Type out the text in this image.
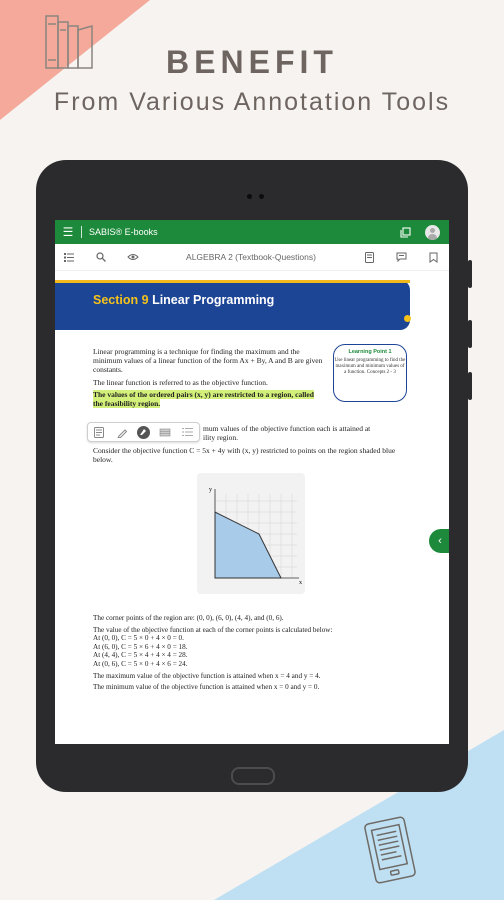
BENEFIT
From Various Annotation Tools
☰	SABIS® E-books
ALGEBRA 2 (Textbook-Questions)
Section 9 Linear Programming
Linear programming is a technique for finding the maximum and the minimum values of a linear function of the form Ax + By, A and B are given constants.
The linear function is referred to as the objective function.
The values of the ordered pairs (x, y) are restricted to a region, called the feasibility region.
Learning Point 1
Use linear programming to find the maximum and minimum values of a function. Concepts 2 - 3
mum values of the objective function each is attained at
ility region.
Consider the objective function C = 5x + 4y with (x, y) restricted to points on the region shaded blue below.
x
y
‹

The corner points of the region are: (0, 0), (6, 0), (4, 4), and (0, 6).

The value of the objective function at each of the corner points is calculated below:

At (0, 0), C = 5 × 0 + 4 × 0 = 0.

At (6, 0), C = 5 × 6 + 4 × 0 = 18.

At (4, 4), C = 5 × 4 + 4 × 4 = 28.

At (0, 6), C = 5 × 0 + 4 × 6 = 24.

The maximum value of the objective function is attained when x = 4 and y = 4.

The minimum value of the objective function is attained when x = 0 and y = 0.
